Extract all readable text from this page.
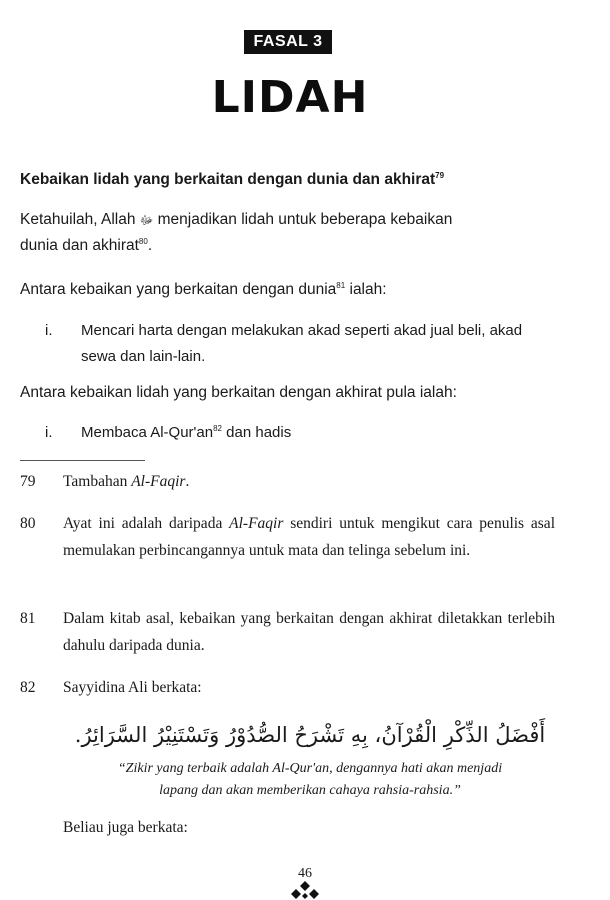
FASAL 3
LIDAH
Kebaikan lidah yang berkaitan dengan dunia dan akhirat$^{79}$
Ketahuilah, Allah ﷻ menjadikan lidah untuk beberapa kebaikan
dunia dan akhirat$^{80}$.
Antara kebaikan yang berkaitan dengan dunia$^{81}$ ialah:
i. Mencari harta dengan melakukan akad seperti akad jual beli, akad sewa dan lain-lain.
Antara kebaikan lidah yang berkaitan dengan akhirat pula ialah:
i. Membaca $Al-Qur'an^{82}$ dan hadis
79 Tambahan Al-Faqir.
80 Ayat ini adalah daripada Al-Faqir sendiri untuk mengikut cara penulis asal memulakan perbincangannya untuk mata dan telinga sebelum ini.
81 Dalam kitab asal, kebaikan yang berkaitan dengan akhirat diletakkan terlebih dahulu daripada dunia.
82 Sayyidina Ali berkata:
أَفْضَلُ الذِّكْرِ الْقُرْآنُ، بِهِ تَشْرَحُ الصُّدُوْرُ وَتَسْتَنِيْرُ السَّرَائِرُ.
“Zikir yang terbaik adalah Al-Qur'an, dengannya hati akan menjadi
lapang dan akan memberikan cahaya rahsia-rahsia.”
Beliau juga berkata:
46
